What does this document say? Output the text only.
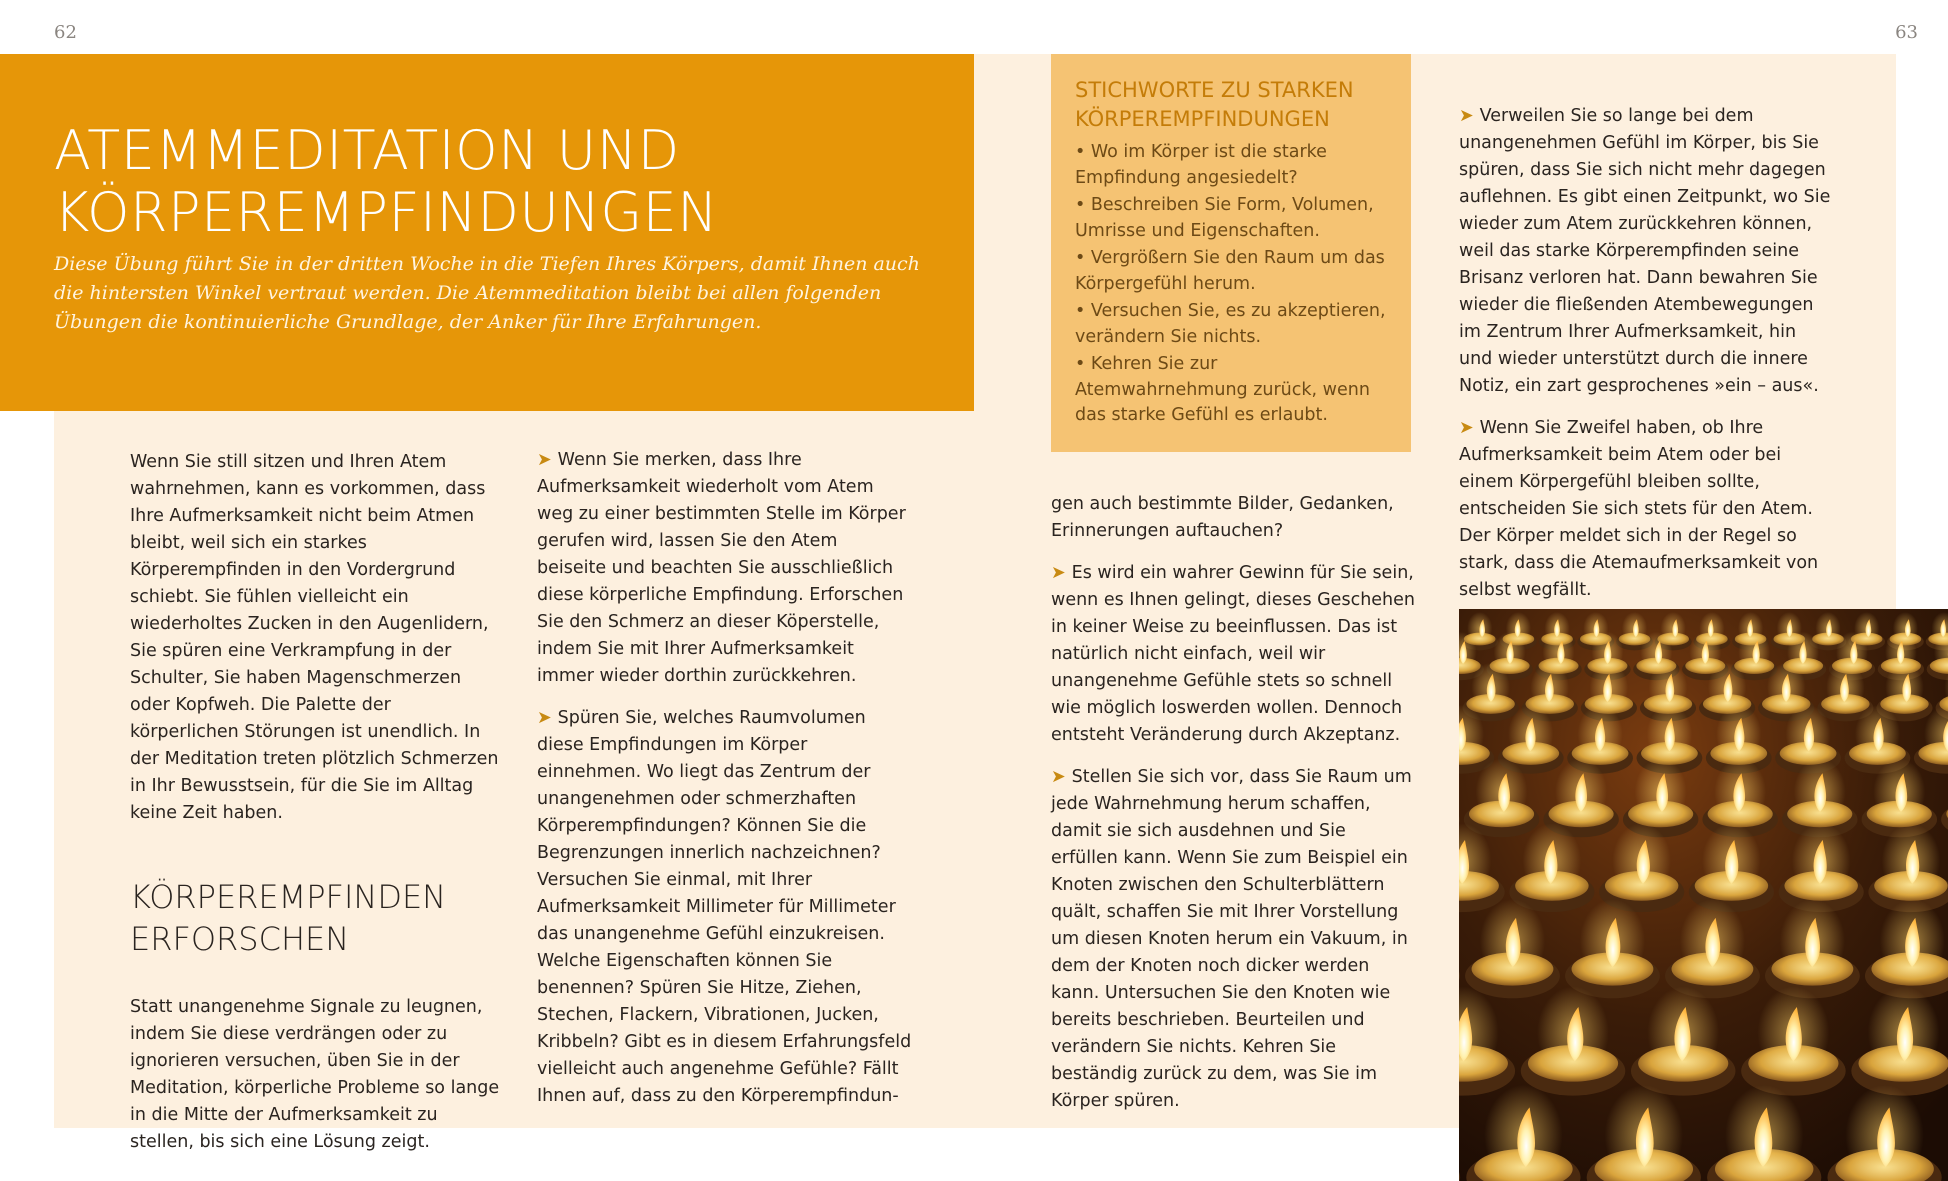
62	63
ATEMMEDITATION UND
KÖRPEREMPFINDUNGEN

Diese Übung führt Sie in der dritten Woche in die Tiefen Ihres Körpers, damit Ihnen auch die hintersten Winkel vertraut werden. Die Atemmeditation bleibt bei allen folgenden Übungen die kontinuierliche Grundlage, der Anker für Ihre Erfahrungen.

Wenn Sie still sitzen und Ihren Atem wahrnehmen, kann es vorkommen, dass Ihre Aufmerksamkeit nicht beim Atmen bleibt, weil sich ein starkes Körperempfinden in den Vordergrund schiebt. Sie fühlen vielleicht ein wiederholtes Zucken in den Augenlidern, Sie spüren eine Verkrampfung in der Schulter, Sie haben Magenschmerzen oder Kopfweh. Die Palette der körperlichen Störungen ist unendlich. In der Meditation treten plötzlich Schmerzen in Ihr Bewusstsein, für die Sie im Alltag keine Zeit haben.

KÖRPEREMPFINDEN
ERFORSCHEN

Statt unangenehme Signale zu leugnen, indem Sie diese verdrängen oder zu ignorieren versuchen, üben Sie in der Meditation, körperliche Probleme so lange in die Mitte der Aufmerksamkeit zu stellen, bis sich eine Lösung zeigt.

➤ Wenn Sie merken, dass Ihre Aufmerksamkeit wiederholt vom Atem weg zu einer bestimmten Stelle im Körper gerufen wird, lassen Sie den Atem beiseite und beachten Sie ausschließlich diese körperliche Empfindung. Erforschen Sie den Schmerz an dieser Köperstelle, indem Sie mit Ihrer Aufmerksamkeit immer wieder dorthin zurückkehren.

➤ Spüren Sie, welches Raumvolumen diese Empfindungen im Körper einnehmen. Wo liegt das Zentrum der unangenehmen oder schmerzhaften Körperempfindungen? Können Sie die Begrenzungen innerlich nachzeichnen? Versuchen Sie einmal, mit Ihrer Aufmerksamkeit Millimeter für Millimeter das unangenehme Gefühl einzukreisen. Welche Eigenschaften können Sie benennen? Spüren Sie Hitze, Ziehen, Stechen, Flackern, Vibrationen, Jucken, Kribbeln? Gibt es in diesem Erfahrungsfeld vielleicht auch angenehme Gefühle? Fällt Ihnen auf, dass zu den Körperempfindun-

STICHWORTE ZU STARKEN
KÖRPEREMPFINDUNGEN
• Wo im Körper ist die starke Empfindung angesiedelt?
• Beschreiben Sie Form, Volumen, Umrisse und Eigenschaften.
• Vergrößern Sie den Raum um das Körpergefühl herum.
• Versuchen Sie, es zu akzeptieren, verändern Sie nichts.
• Kehren Sie zur Atemwahrnehmung zurück, wenn das starke Gefühl es erlaubt.

gen auch bestimmte Bilder, Gedanken, Erinnerungen auftauchen?

➤ Es wird ein wahrer Gewinn für Sie sein, wenn es Ihnen gelingt, dieses Geschehen in keiner Weise zu beeinflussen. Das ist natürlich nicht einfach, weil wir unangenehme Gefühle stets so schnell wie möglich loswerden wollen. Dennoch entsteht Veränderung durch Akzeptanz.

➤ Stellen Sie sich vor, dass Sie Raum um jede Wahrnehmung herum schaffen, damit sie sich ausdehnen und Sie erfüllen kann. Wenn Sie zum Beispiel ein Knoten zwischen den Schulterblättern quält, schaffen Sie mit Ihrer Vorstellung um diesen Knoten herum ein Vakuum, in dem der Knoten noch dicker werden kann. Untersuchen Sie den Knoten wie bereits beschrieben. Beurteilen und verändern Sie nichts. Kehren Sie beständig zurück zu dem, was Sie im Körper spüren.

➤ Verweilen Sie so lange bei dem unangenehmen Gefühl im Körper, bis Sie spüren, dass Sie sich nicht mehr dagegen auflehnen. Es gibt einen Zeitpunkt, wo Sie wieder zum Atem zurückkehren können, weil das starke Körperempfinden seine Brisanz verloren hat. Dann bewahren Sie wieder die fließenden Atembewegungen im Zentrum Ihrer Aufmerksamkeit, hin und wieder unterstützt durch die innere Notiz, ein zart gesprochenes »ein – aus«.

➤ Wenn Sie Zweifel haben, ob Ihre Aufmerksamkeit beim Atem oder bei einem Körpergefühl bleiben sollte, entscheiden Sie sich stets für den Atem. Der Körper meldet sich in der Regel so stark, dass die Atemaufmerksamkeit von selbst wegfällt.
